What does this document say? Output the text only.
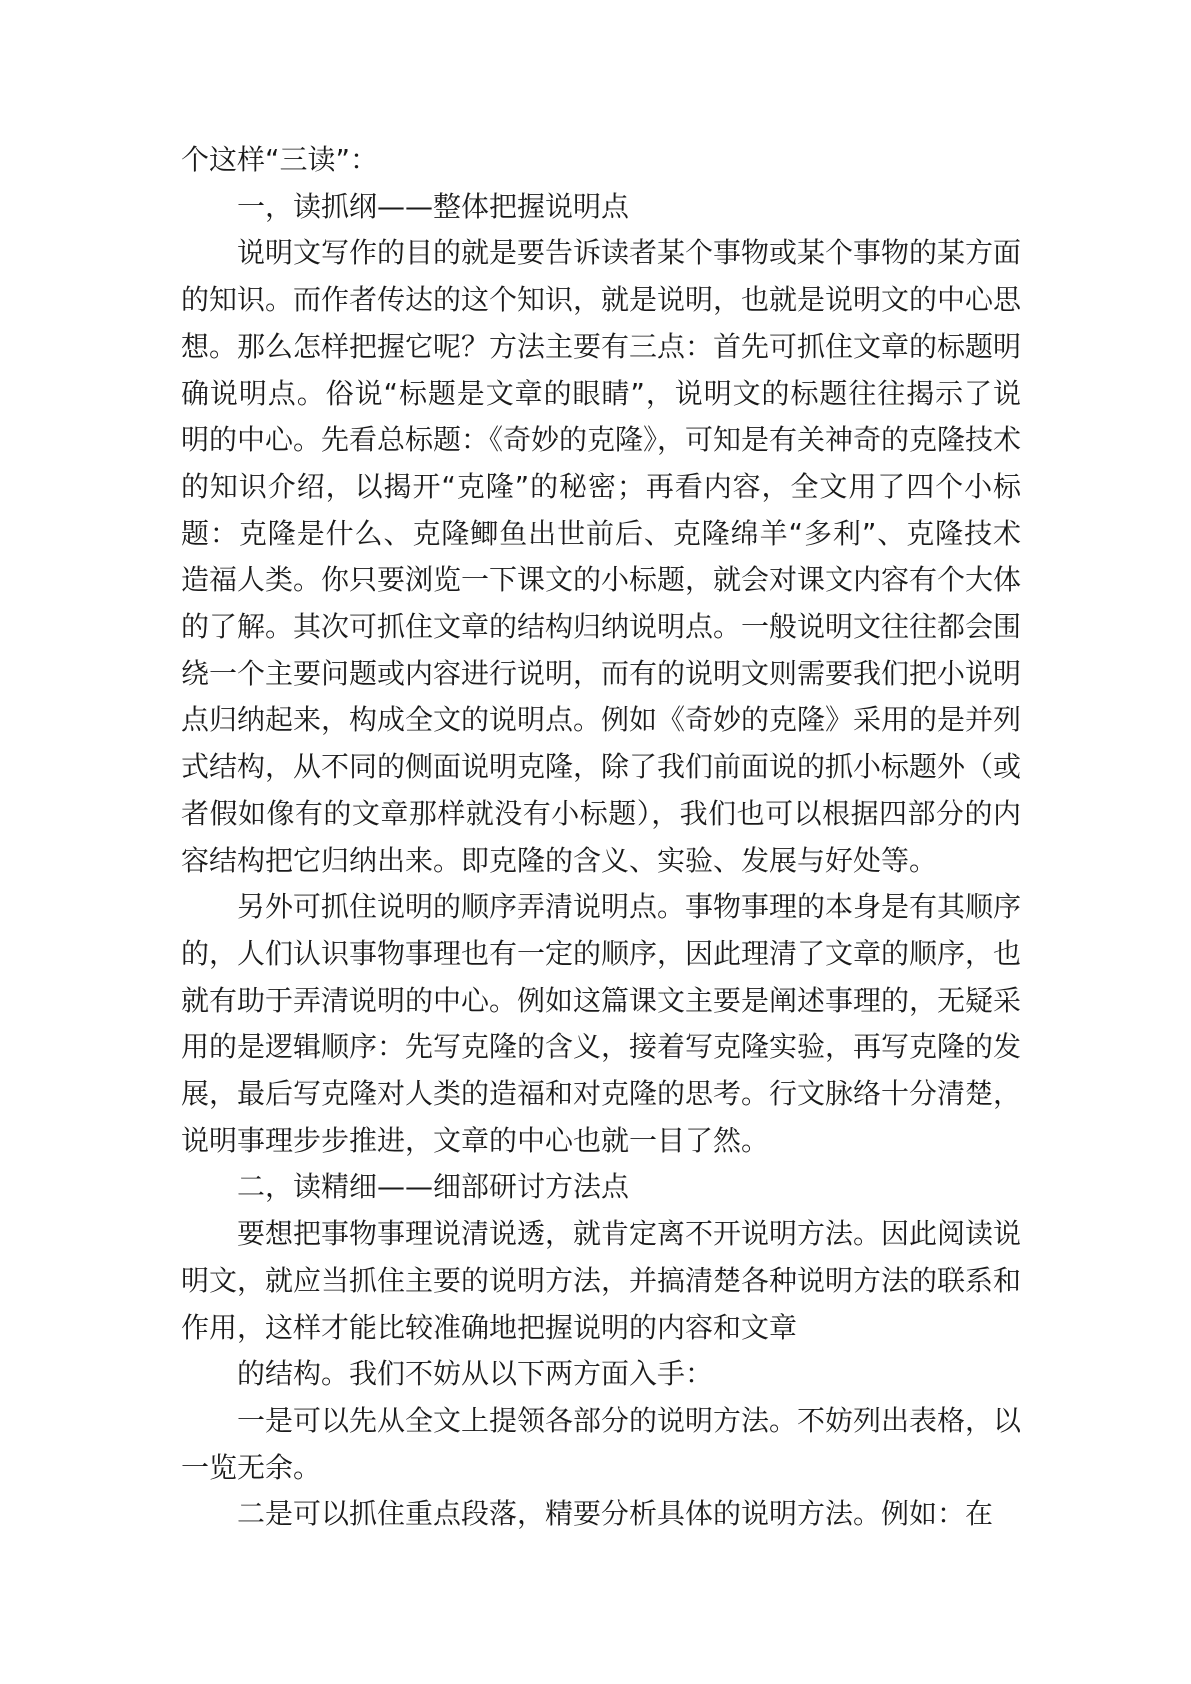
个这样“三读”：

一，读抓纲——整体把握说明点

说明文写作的目的就是要告诉读者某个事物或某个事物的某方面的知识。而作者传达的这个知识，就是说明，也就是说明文的中心思想。那么怎样把握它呢？方法主要有三点：首先可抓住文章的标题明确说明点。俗说“标题是文章的眼睛”，说明文的标题往往揭示了说明的中心。先看总标题：《奇妙的克隆》，可知是有关神奇的克隆技术的知识介绍，以揭开“克隆”的秘密；再看内容，全文用了四个小标题：克隆是什么、克隆鲫鱼出世前后、克隆绵羊“多利”、克隆技术造福人类。你只要浏览一下课文的小标题，就会对课文内容有个大体的了解。其次可抓住文章的结构归纳说明点。一般说明文往往都会围绕一个主要问题或内容进行说明，而有的说明文则需要我们把小说明点归纳起来，构成全文的说明点。例如《奇妙的克隆》采用的是并列式结构，从不同的侧面说明克隆，除了我们前面说的抓小标题外（或者假如像有的文章那样就没有小标题），我们也可以根据四部分的内容结构把它归纳出来。即克隆的含义、实验、发展与好处等。

另外可抓住说明的顺序弄清说明点。事物事理的本身是有其顺序的，人们认识事物事理也有一定的顺序，因此理清了文章的顺序，也就有助于弄清说明的中心。例如这篇课文主要是阐述事理的，无疑采用的是逻辑顺序：先写克隆的含义，接着写克隆实验，再写克隆的发展，最后写克隆对人类的造福和对克隆的思考。行文脉络十分清楚，说明事理步步推进，文章的中心也就一目了然。

二，读精细——细部研讨方法点

要想把事物事理说清说透，就肯定离不开说明方法。因此阅读说明文，就应当抓住主要的说明方法，并搞清楚各种说明方法的联系和作用，这样才能比较准确地把握说明的内容和文章

的结构。我们不妨从以下两方面入手：

一是可以先从全文上提领各部分的说明方法。不妨列出表格，以一览无余。

二是可以抓住重点段落，精要分析具体的说明方法。例如：在
